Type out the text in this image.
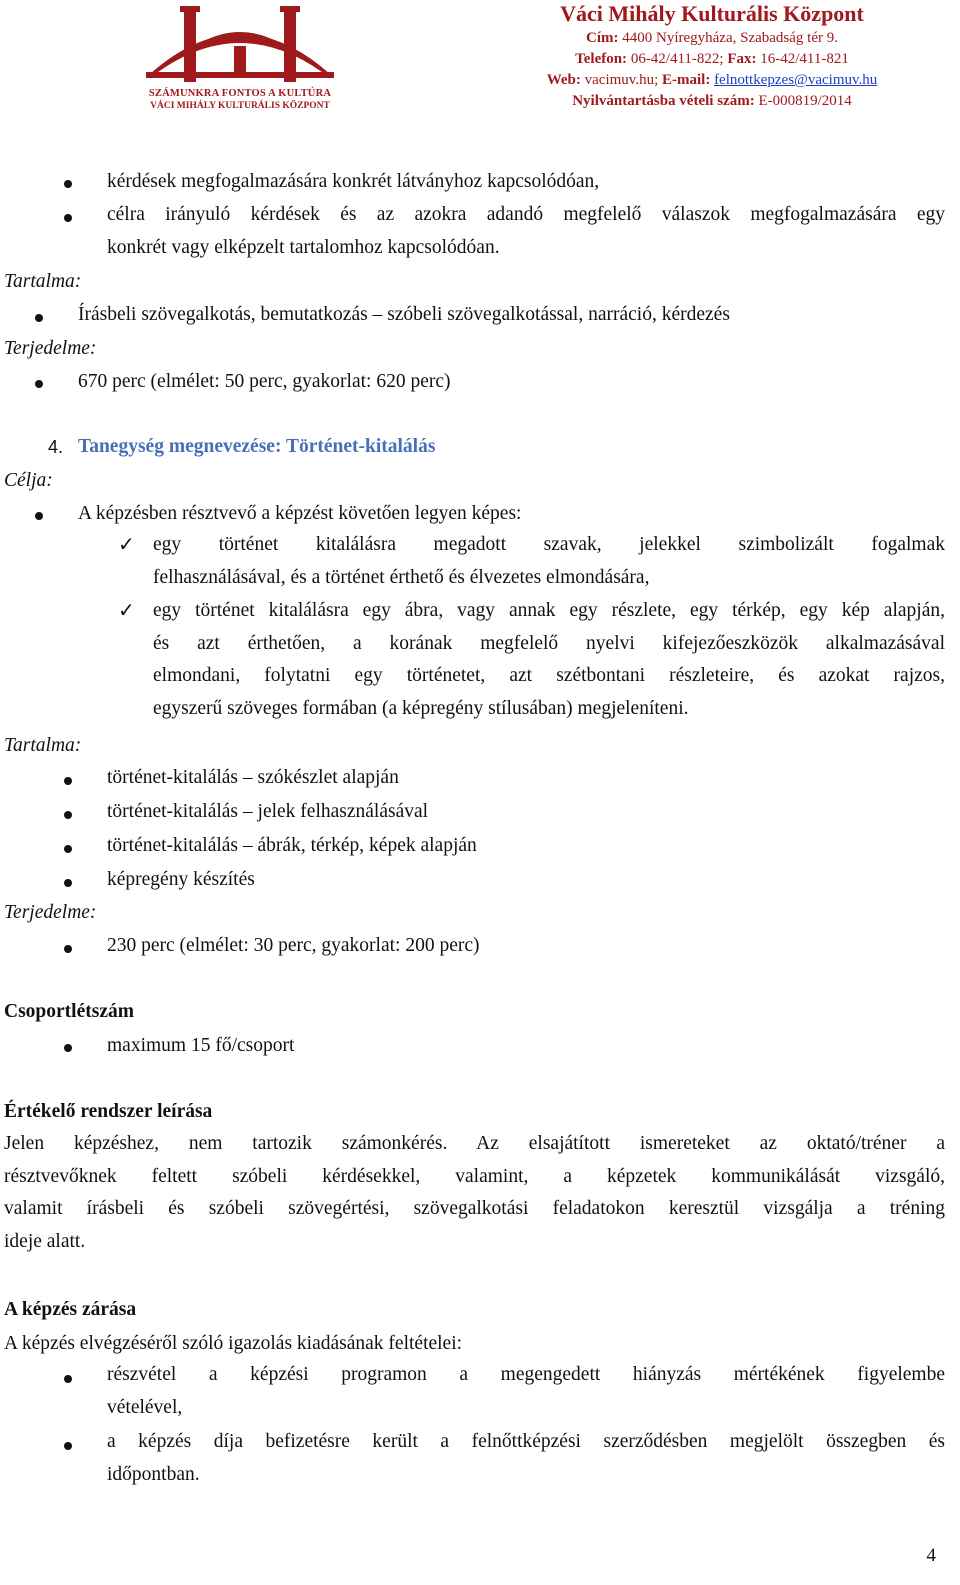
SZÁMUNKRA FONTOS A KULTÚRA
VÁCI MIHÁLY KULTURÁLIS KÖZPONT
Váci Mihály Kulturális Központ
Cím: 4400 Nyíregyháza, Szabadság tér 9.
Telefon: 06-42/411-822; Fax: 16-42/411-821
Web: vacimuv.hu; E-mail: felnottkepzes@vacimuv.hu
Nyilvántartásba vételi szám: E-000819/2014
kérdések megfogalmazására konkrét látványhoz kapcsolódóan,
célra irányuló kérdések és az azokra adandó megfelelő válaszok megfogalmazására egy
konkrét vagy elképzelt tartalomhoz kapcsolódóan.
Tartalma:
Írásbeli szövegalkotás, bemutatkozás – szóbeli szövegalkotással, narráció, kérdezés
Terjedelme:
670 perc (elmélet: 50 perc, gyakorlat: 620 perc)
4. Tanegység megnevezése: Történet-kitalálás
Célja:
A képzésben résztvevő a képzést követően legyen képes:
✓ egy történet kitalálásra megadott szavak, jelekkel szimbolizált fogalmak
felhasználásával, és a történet érthető és élvezetes elmondására,
✓ egy történet kitalálásra egy ábra, vagy annak egy részlete, egy térkép, egy kép alapján,
és azt érthetően, a korának megfelelő nyelvi kifejezőeszközök alkalmazásával
elmondani, folytatni egy történetet, azt szétbontani részleteire, és azokat rajzos,
egyszerű szöveges formában (a képregény stílusában) megjeleníteni.
Tartalma:
történet-kitalálás – szókészlet alapján
történet-kitalálás – jelek felhasználásával
történet-kitalálás – ábrák, térkép, képek alapján
képregény készítés
Terjedelme:
230 perc (elmélet: 30 perc, gyakorlat: 200 perc)
Csoportlétszám
maximum 15 fő/csoport
Értékelő rendszer leírása
Jelen képzéshez, nem tartozik számonkérés. Az elsajátított ismereteket az oktató/tréner a
résztvevőknek feltett szóbeli kérdésekkel, valamint, a képzetek kommunikálását vizsgáló,
valamit írásbeli és szóbeli szövegértési, szövegalkotási feladatokon keresztül vizsgálja a tréning
ideje alatt.
A képzés zárása
A képzés elvégzéséről szóló igazolás kiadásának feltételei:
részvétel a képzési programon a megengedett hiányzás mértékének figyelembe
vételével,
a képzés díja befizetésre került a felnőttképzési szerződésben megjelölt összegben és
időpontban.
4
